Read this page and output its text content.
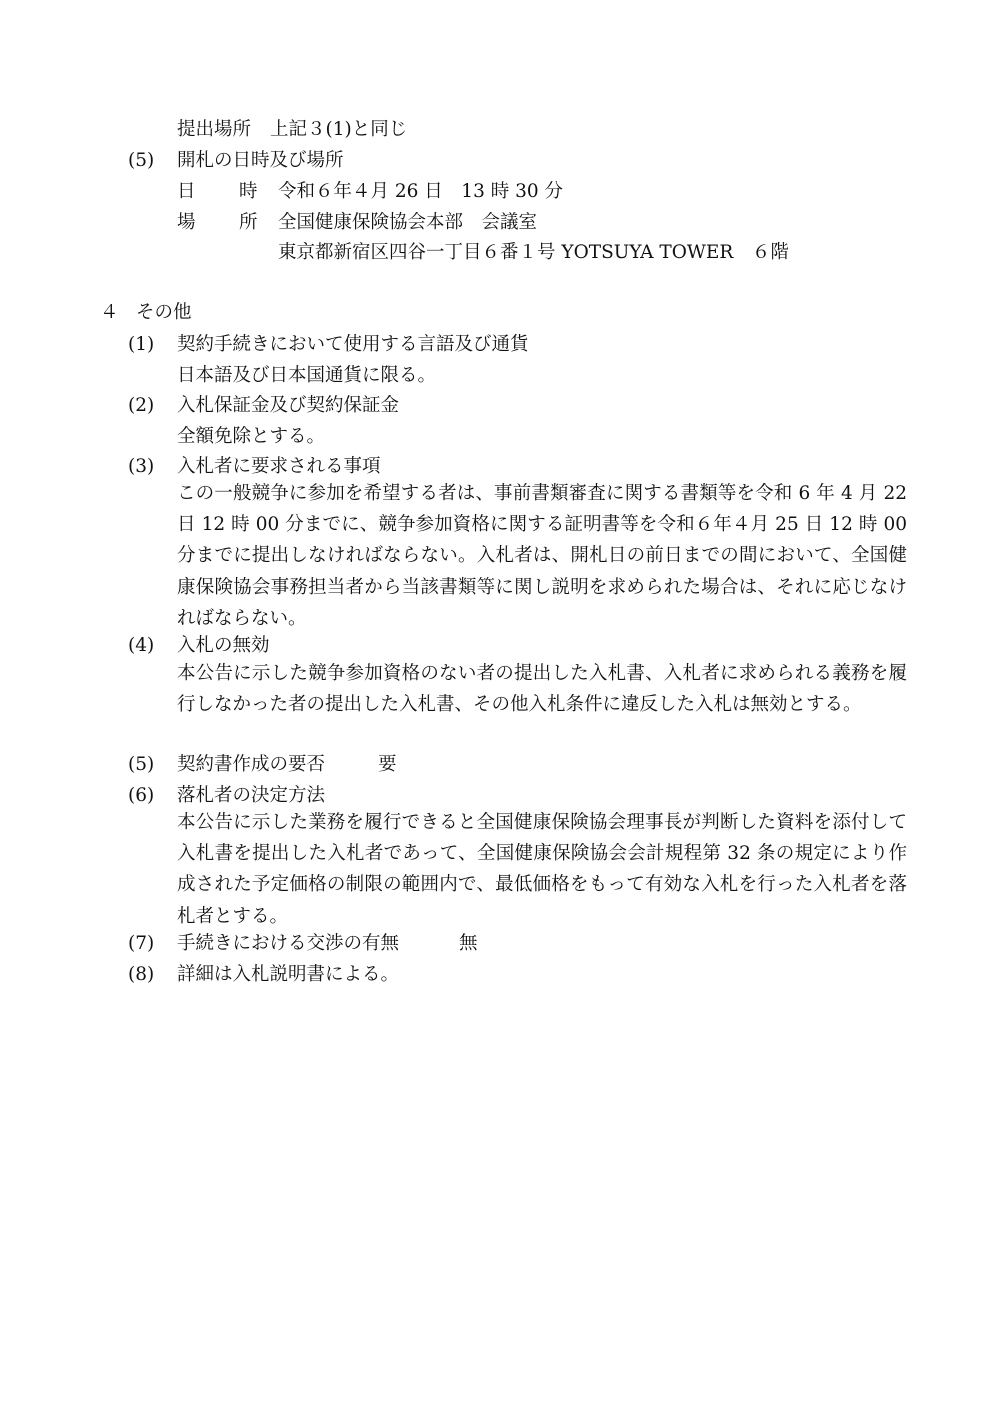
提出場所 上記３(1)と同じ
(5) 開札の日時及び場所
日 時 令和６年４月 26 日　13 時 30 分
場 所 全国健康保険協会本部　会議室
東京都新宿区四谷一丁目６番１号 YOTSUYA TOWER　６階
４ その他
(1) 契約手続きにおいて使用する言語及び通貨
日本語及び日本国通貨に限る。
(2) 入札保証金及び契約保証金
全額免除とする。
(3) 入札者に要求される事項
この一般競争に参加を希望する者は、事前書類審査に関する書類等を令和 6 年 4 月 22 日 12 時 00 分までに、競争参加資格に関する証明書等を令和６年４月 25 日 12 時 00 分までに提出しなければならない。入札者は、開札日の前日までの間において、全国健康保険協会事務担当者から当該書類等に関し説明を求められた場合は、それに応じなければならない。
(4) 入札の無効
本公告に示した競争参加資格のない者の提出した入札書、入札者に求められる義務を履行しなかった者の提出した入札書、その他入札条件に違反した入札は無効とする。
(5) 契約書作成の要否	要
(6) 落札者の決定方法
本公告に示した業務を履行できると全国健康保険協会理事長が判断した資料を添付して入札書を提出した入札者であって、全国健康保険協会会計規程第 32 条の規定により作成された予定価格の制限の範囲内で、最低価格をもって有効な入札を行った入札者を落札者とする。
(7) 手続きにおける交渉の有無	無
(8) 詳細は入札説明書による。
